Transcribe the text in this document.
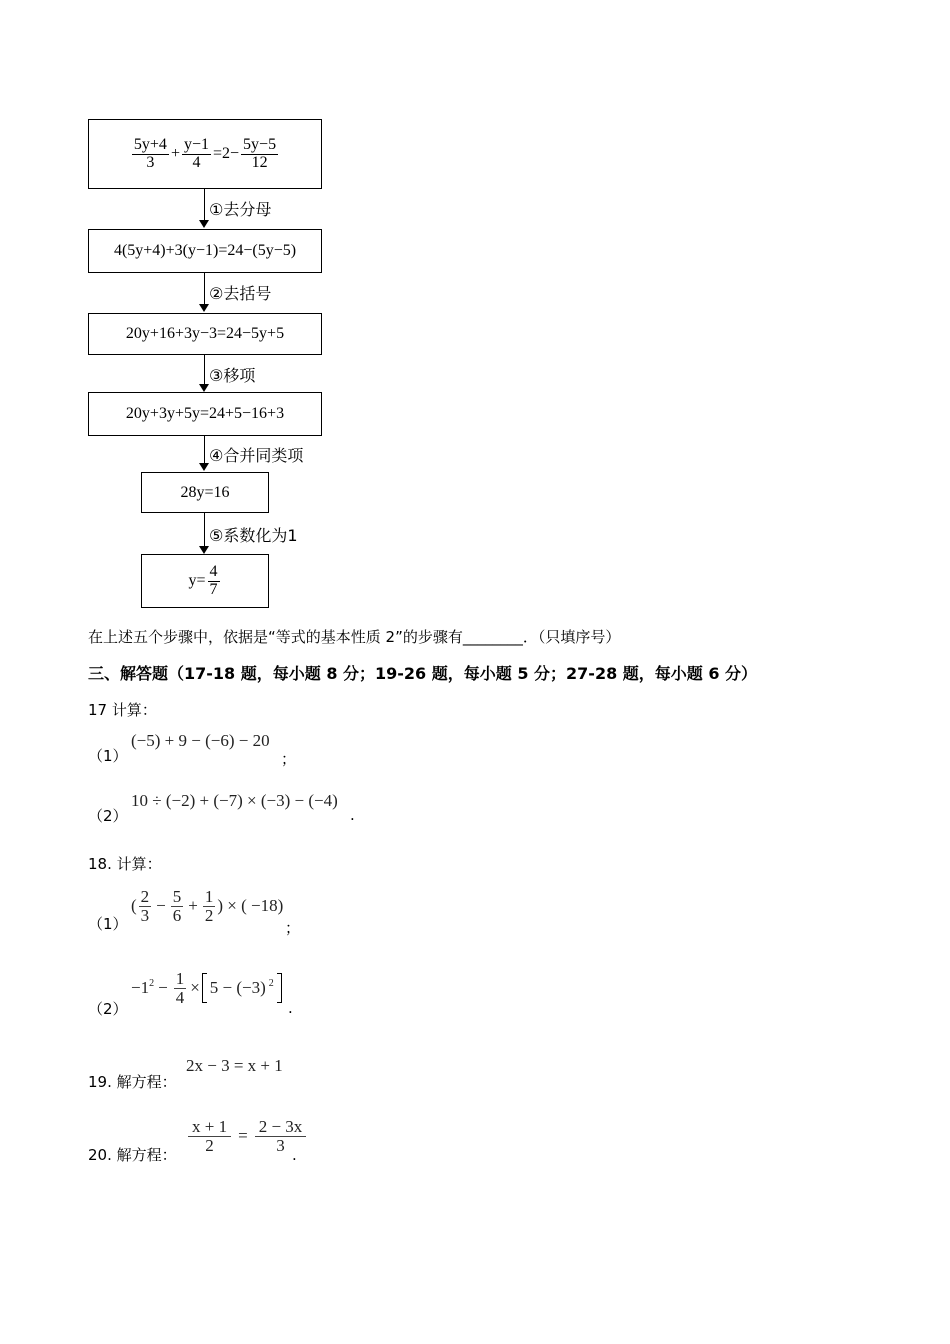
$\frac{5y+4}{3} + \frac{y-1}{4} =2- \frac{5y-5}{12}$
①去分母
4(5y+4)+3(y−1)=24−(5y−5)
②去括号
20y+16+3y−3=24−5y+5
③移项
20y+3y+5y=24+5−16+3
④合并同类项
28y=16
⑤系数化为1
$y= \frac{4}{7}$
在上述五个步骤中，依据是“等式的基本性质 2”的步骤有________．（只填序号）
三、解答题（17-18 题，每小题 8 分；19-26 题，每小题 5 分；27-28 题，每小题 6 分）
17 计算：
（1）
(−5) + 9 − (−6) − 20
；
（2）
10 ÷ (−2) + (−7) × (−3) − (−4)
.
18. 计算：
（1）
( $\frac{2}{3} - \frac{5}{6} + \frac{1}{2}$ ) × ( −18)
；
（2）
$-1^2 - \frac{1}{4} \times 5 - (-3)$ $^2$
.
19. 解方程：
2x − 3 = x + 1
20. 解方程：
$\frac{x + 1}{2} = \frac{2 - 3x}{3}$
.
